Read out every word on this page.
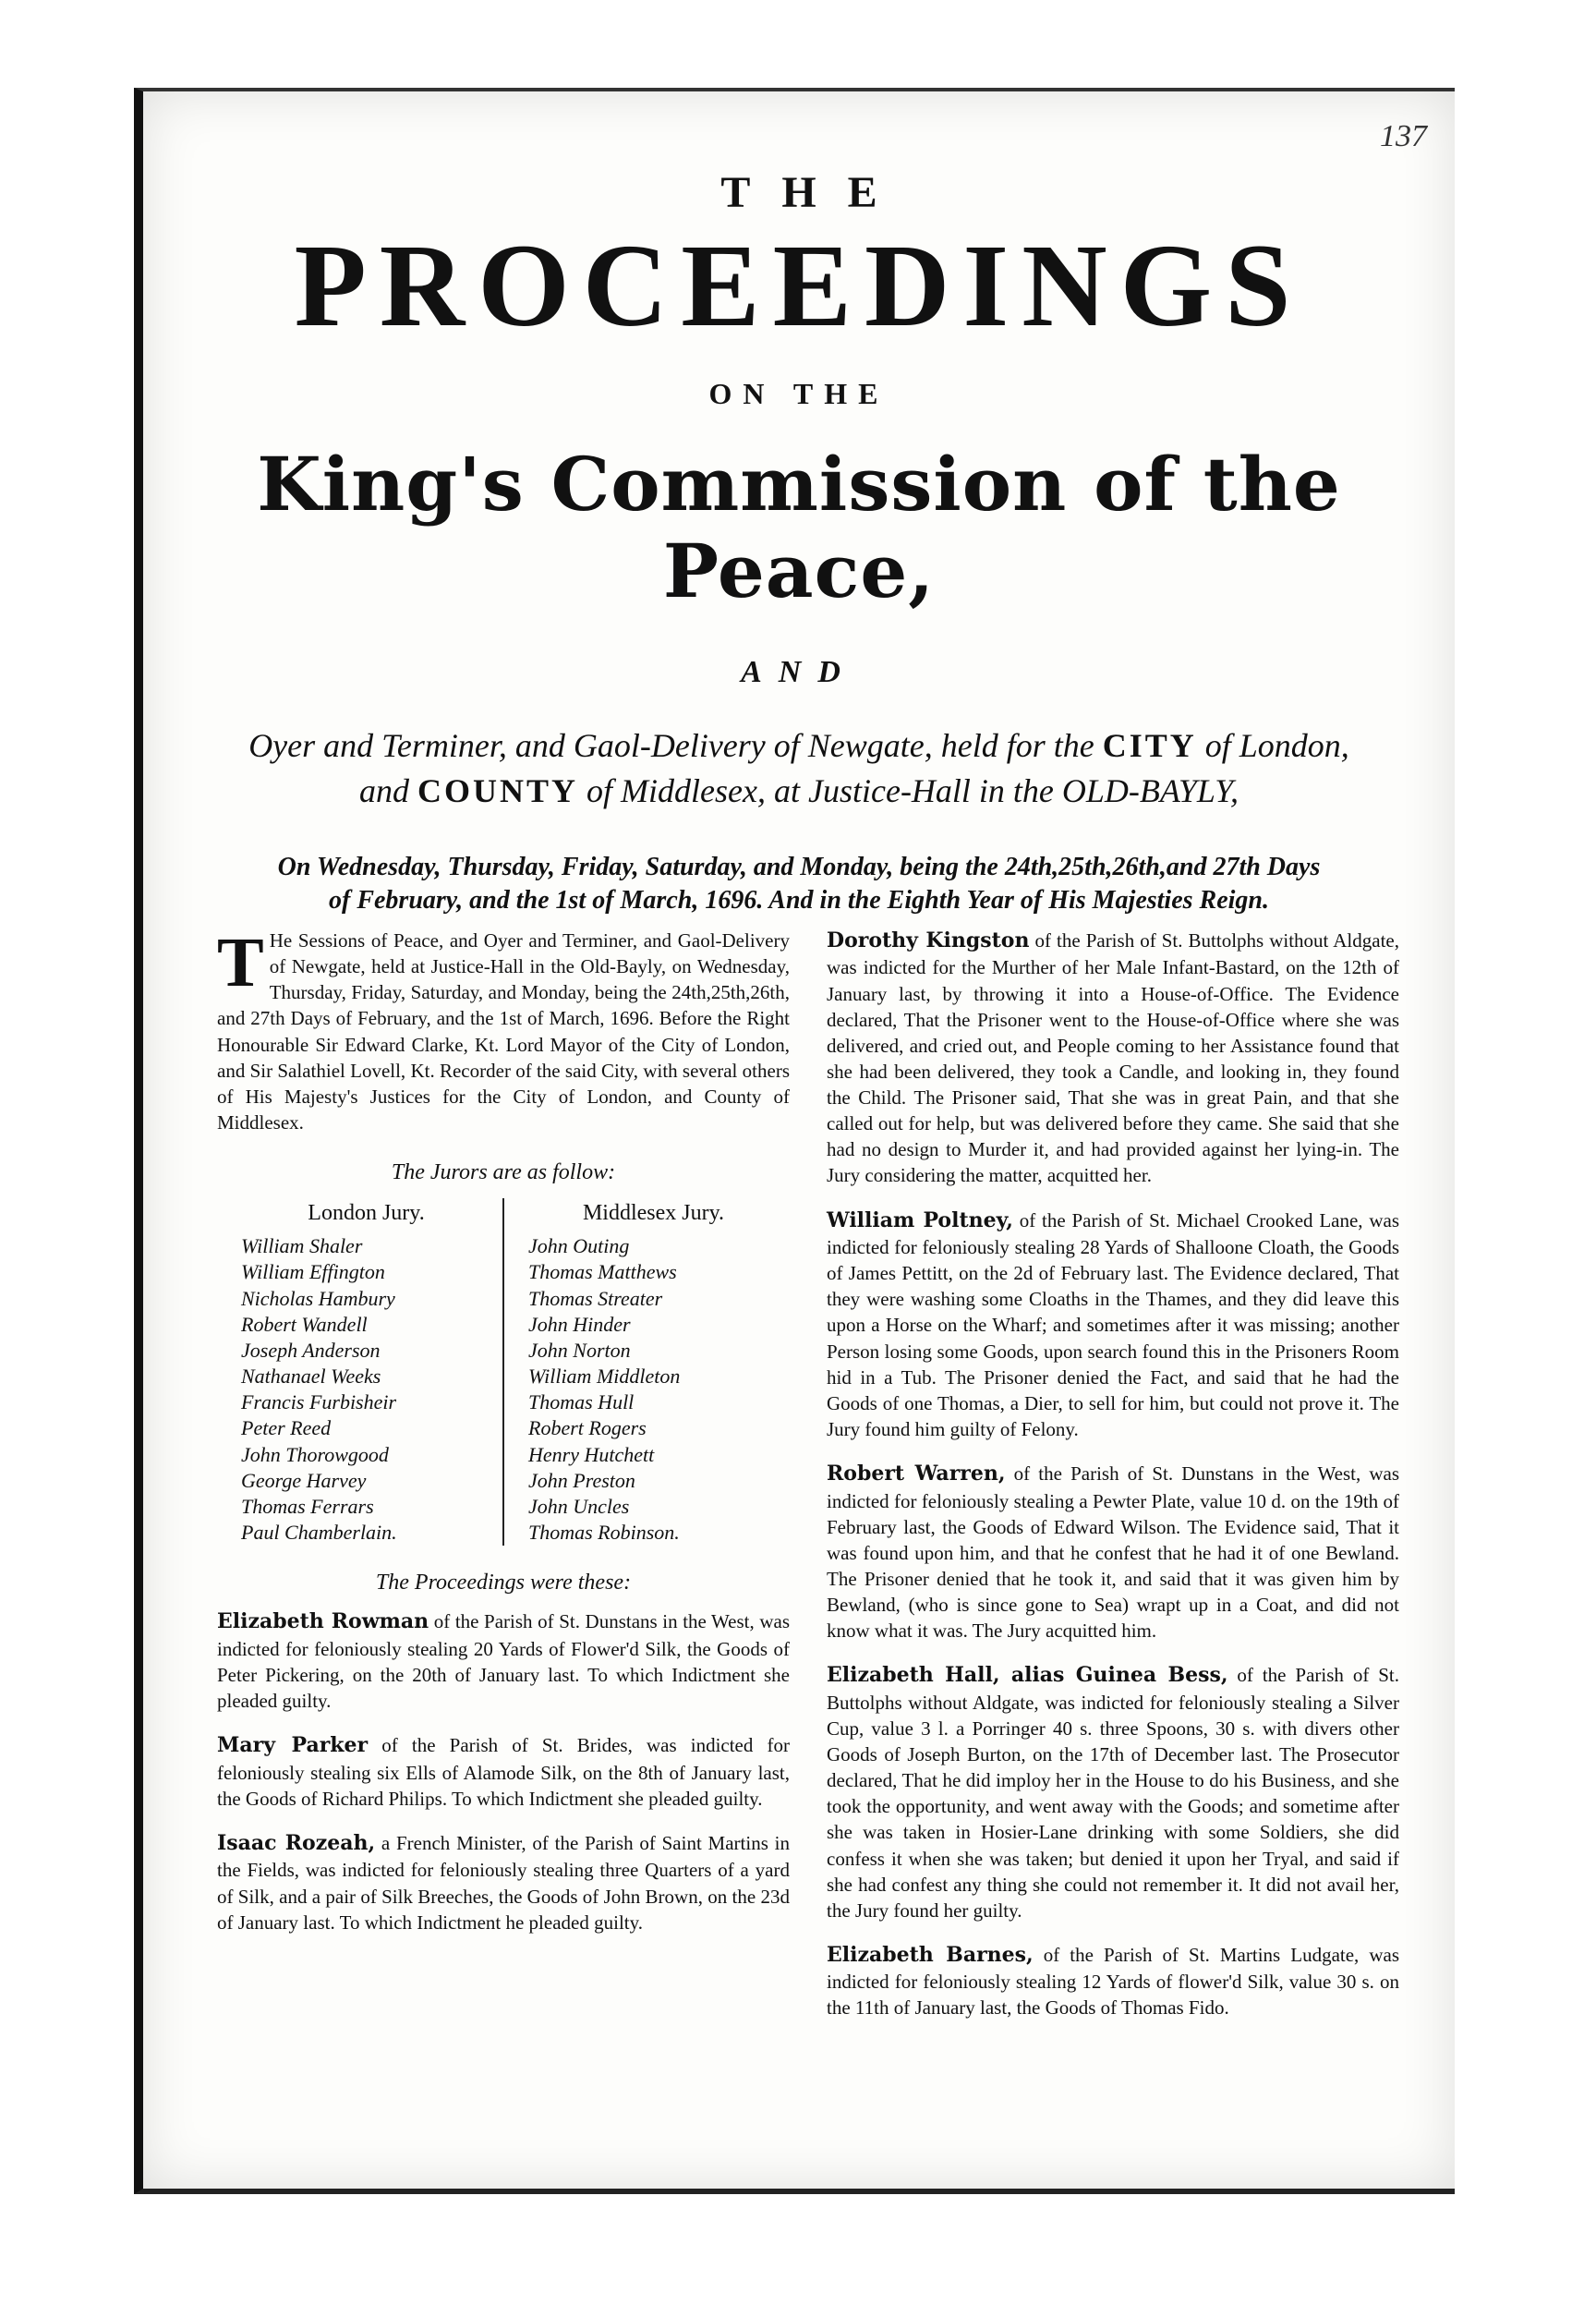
137
THE
PROCEEDINGS
ON THE
King's Commission of the Peace,
AND
Oyer and Terminer, and Gaol-Delivery of Newgate, held for the CITY of London,
and COUNTY of Middlesex, at Justice-Hall in the OLD-BAYLY,
On Wednesday, Thursday, Friday, Saturday, and Monday, being the 24th,25th,26th,and 27th Days
of February, and the 1st of March, 1696. And in the Eighth Year of His Majesties Reign.

T He Sessions of Peace, and Oyer and Terminer, and Gaol-Delivery of Newgate, held at Justice-Hall in the Old-Bayly, on Wednesday, Thursday, Friday, Saturday, and Monday, being the 24th,25th,26th, and 27th Days of February, and the 1st of March, 1696. Before the Right Honourable Sir Edward Clarke, Kt. Lord Mayor of the City of London, and Sir Salathiel Lovell, Kt. Recorder of the said City, with several others of His Majesty's Justices for the City of London, and County of Middlesex.

The Jurors are as follow:
London Jury.
William Shaler
William Effington
Nicholas Hambury
Robert Wandell
Joseph Anderson
Nathanael Weeks
Francis Furbisheir
Peter Reed
John Thorowgood
George Harvey
Thomas Ferrars
Paul Chamberlain.
Middlesex Jury.
John Outing
Thomas Matthews
Thomas Streater
John Hinder
John Norton
William Middleton
Thomas Hull
Robert Rogers
Henry Hutchett
John Preston
John Uncles
Thomas Robinson.
The Proceedings were these:

Elizabeth Rowman of the Parish of St. Dunstans in the West, was indicted for feloniously stealing 20 Yards of Flower'd Silk, the Goods of Peter Pickering, on the 20th of January last. To which Indictment she pleaded guilty.

Mary Parker of the Parish of St. Brides, was indicted for feloniously stealing six Ells of Alamode Silk, on the 8th of January last, the Goods of Richard Philips. To which Indictment she pleaded guilty.

Isaac Rozeah, a French Minister, of the Parish of Saint Martins in the Fields, was indicted for feloniously stealing three Quarters of a yard of Silk, and a pair of Silk Breeches, the Goods of John Brown, on the 23d of January last. To which Indictment he pleaded guilty.

Dorothy Kingston of the Parish of St. Buttolphs without Aldgate, was indicted for the Murther of her Male Infant-Bastard, on the 12th of January last, by throwing it into a House-of-Office. The Evidence declared, That the Prisoner went to the House-of-Office where she was delivered, and cried out, and People coming to her Assistance found that she had been delivered, they took a Candle, and looking in, they found the Child. The Prisoner said, That she was in great Pain, and that she called out for help, but was delivered before they came. She said that she had no design to Murder it, and had provided against her lying-in. The Jury considering the matter, acquitted her.

William Poltney, of the Parish of St. Michael Crooked Lane, was indicted for feloniously stealing 28 Yards of Shalloone Cloath, the Goods of James Pettitt, on the 2d of February last. The Evidence declared, That they were washing some Cloaths in the Thames, and they did leave this upon a Horse on the Wharf; and sometimes after it was missing; another Person losing some Goods, upon search found this in the Prisoners Room hid in a Tub. The Prisoner denied the Fact, and said that he had the Goods of one Thomas, a Dier, to sell for him, but could not prove it. The Jury found him guilty of Felony.

Robert Warren, of the Parish of St. Dunstans in the West, was indicted for feloniously stealing a Pewter Plate, value 10 d. on the 19th of February last, the Goods of Edward Wilson. The Evidence said, That it was found upon him, and that he confest that he had it of one Bewland. The Prisoner denied that he took it, and said that it was given him by Bewland, (who is since gone to Sea) wrapt up in a Coat, and did not know what it was. The Jury acquitted him.

Elizabeth Hall, alias Guinea Bess, of the Parish of St. Buttolphs without Aldgate, was indicted for feloniously stealing a Silver Cup, value 3 l. a Porringer 40 s. three Spoons, 30 s. with divers other Goods of Joseph Burton, on the 17th of December last. The Prosecutor declared, That he did imploy her in the House to do his Business, and she took the opportunity, and went away with the Goods; and sometime after she was taken in Hosier-Lane drinking with some Soldiers, she did confess it when she was taken; but denied it upon her Tryal, and said if she had confest any thing she could not remember it. It did not avail her, the Jury found her guilty.

Elizabeth Barnes, of the Parish of St. Martins Ludgate, was indicted for feloniously stealing 12 Yards of flower'd Silk, value 30 s. on the 11th of January last, the Goods of Thomas Fido.
